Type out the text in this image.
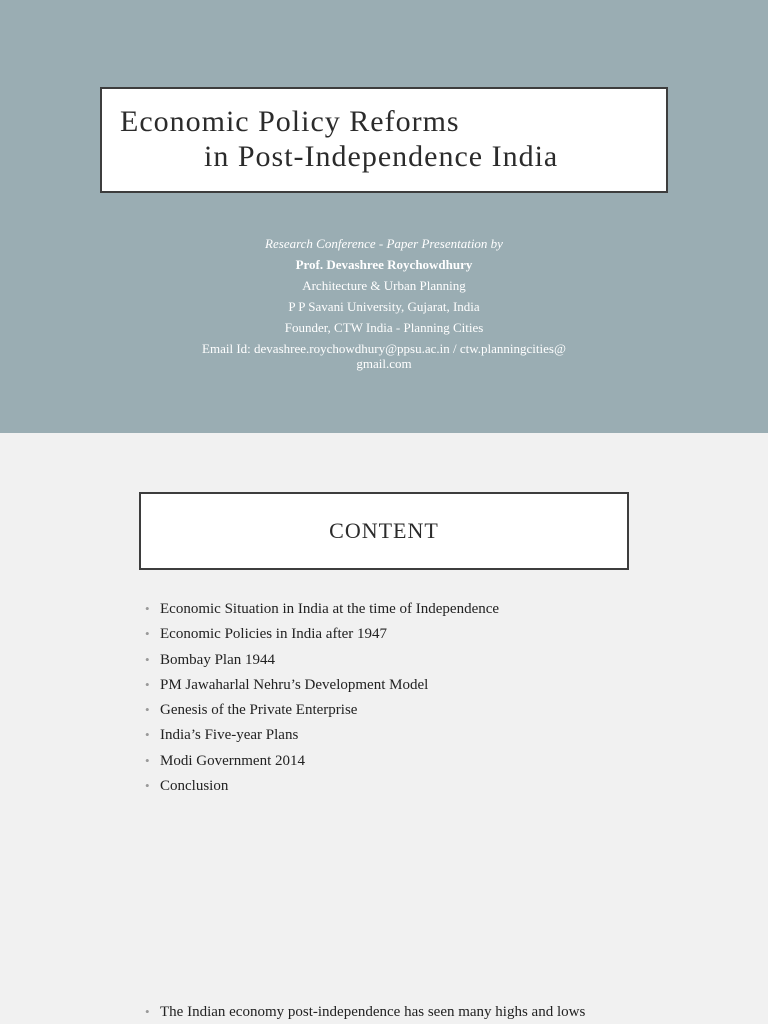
Economic Policy Reforms
in Post-Independence India
Research Conference - Paper Presentation by
Prof. Devashree Roychowdhury
Architecture & Urban Planning
P P Savani University, Gujarat, India
Founder, CTW India - Planning Cities
Email Id: devashree.roychowdhury@ppsu.ac.in / ctw.planningcities@
gmail.com
CONTENT
• Economic Situation in India at the time of Independence
• Economic Policies in India after 1947
• Bombay Plan 1944
• PM Jawaharlal Nehru’s Development Model
• Genesis of the Private Enterprise
• India’s Five-year Plans
• Modi Government 2014
• Conclusion
• The Indian economy post-independence has seen many highs and lows
